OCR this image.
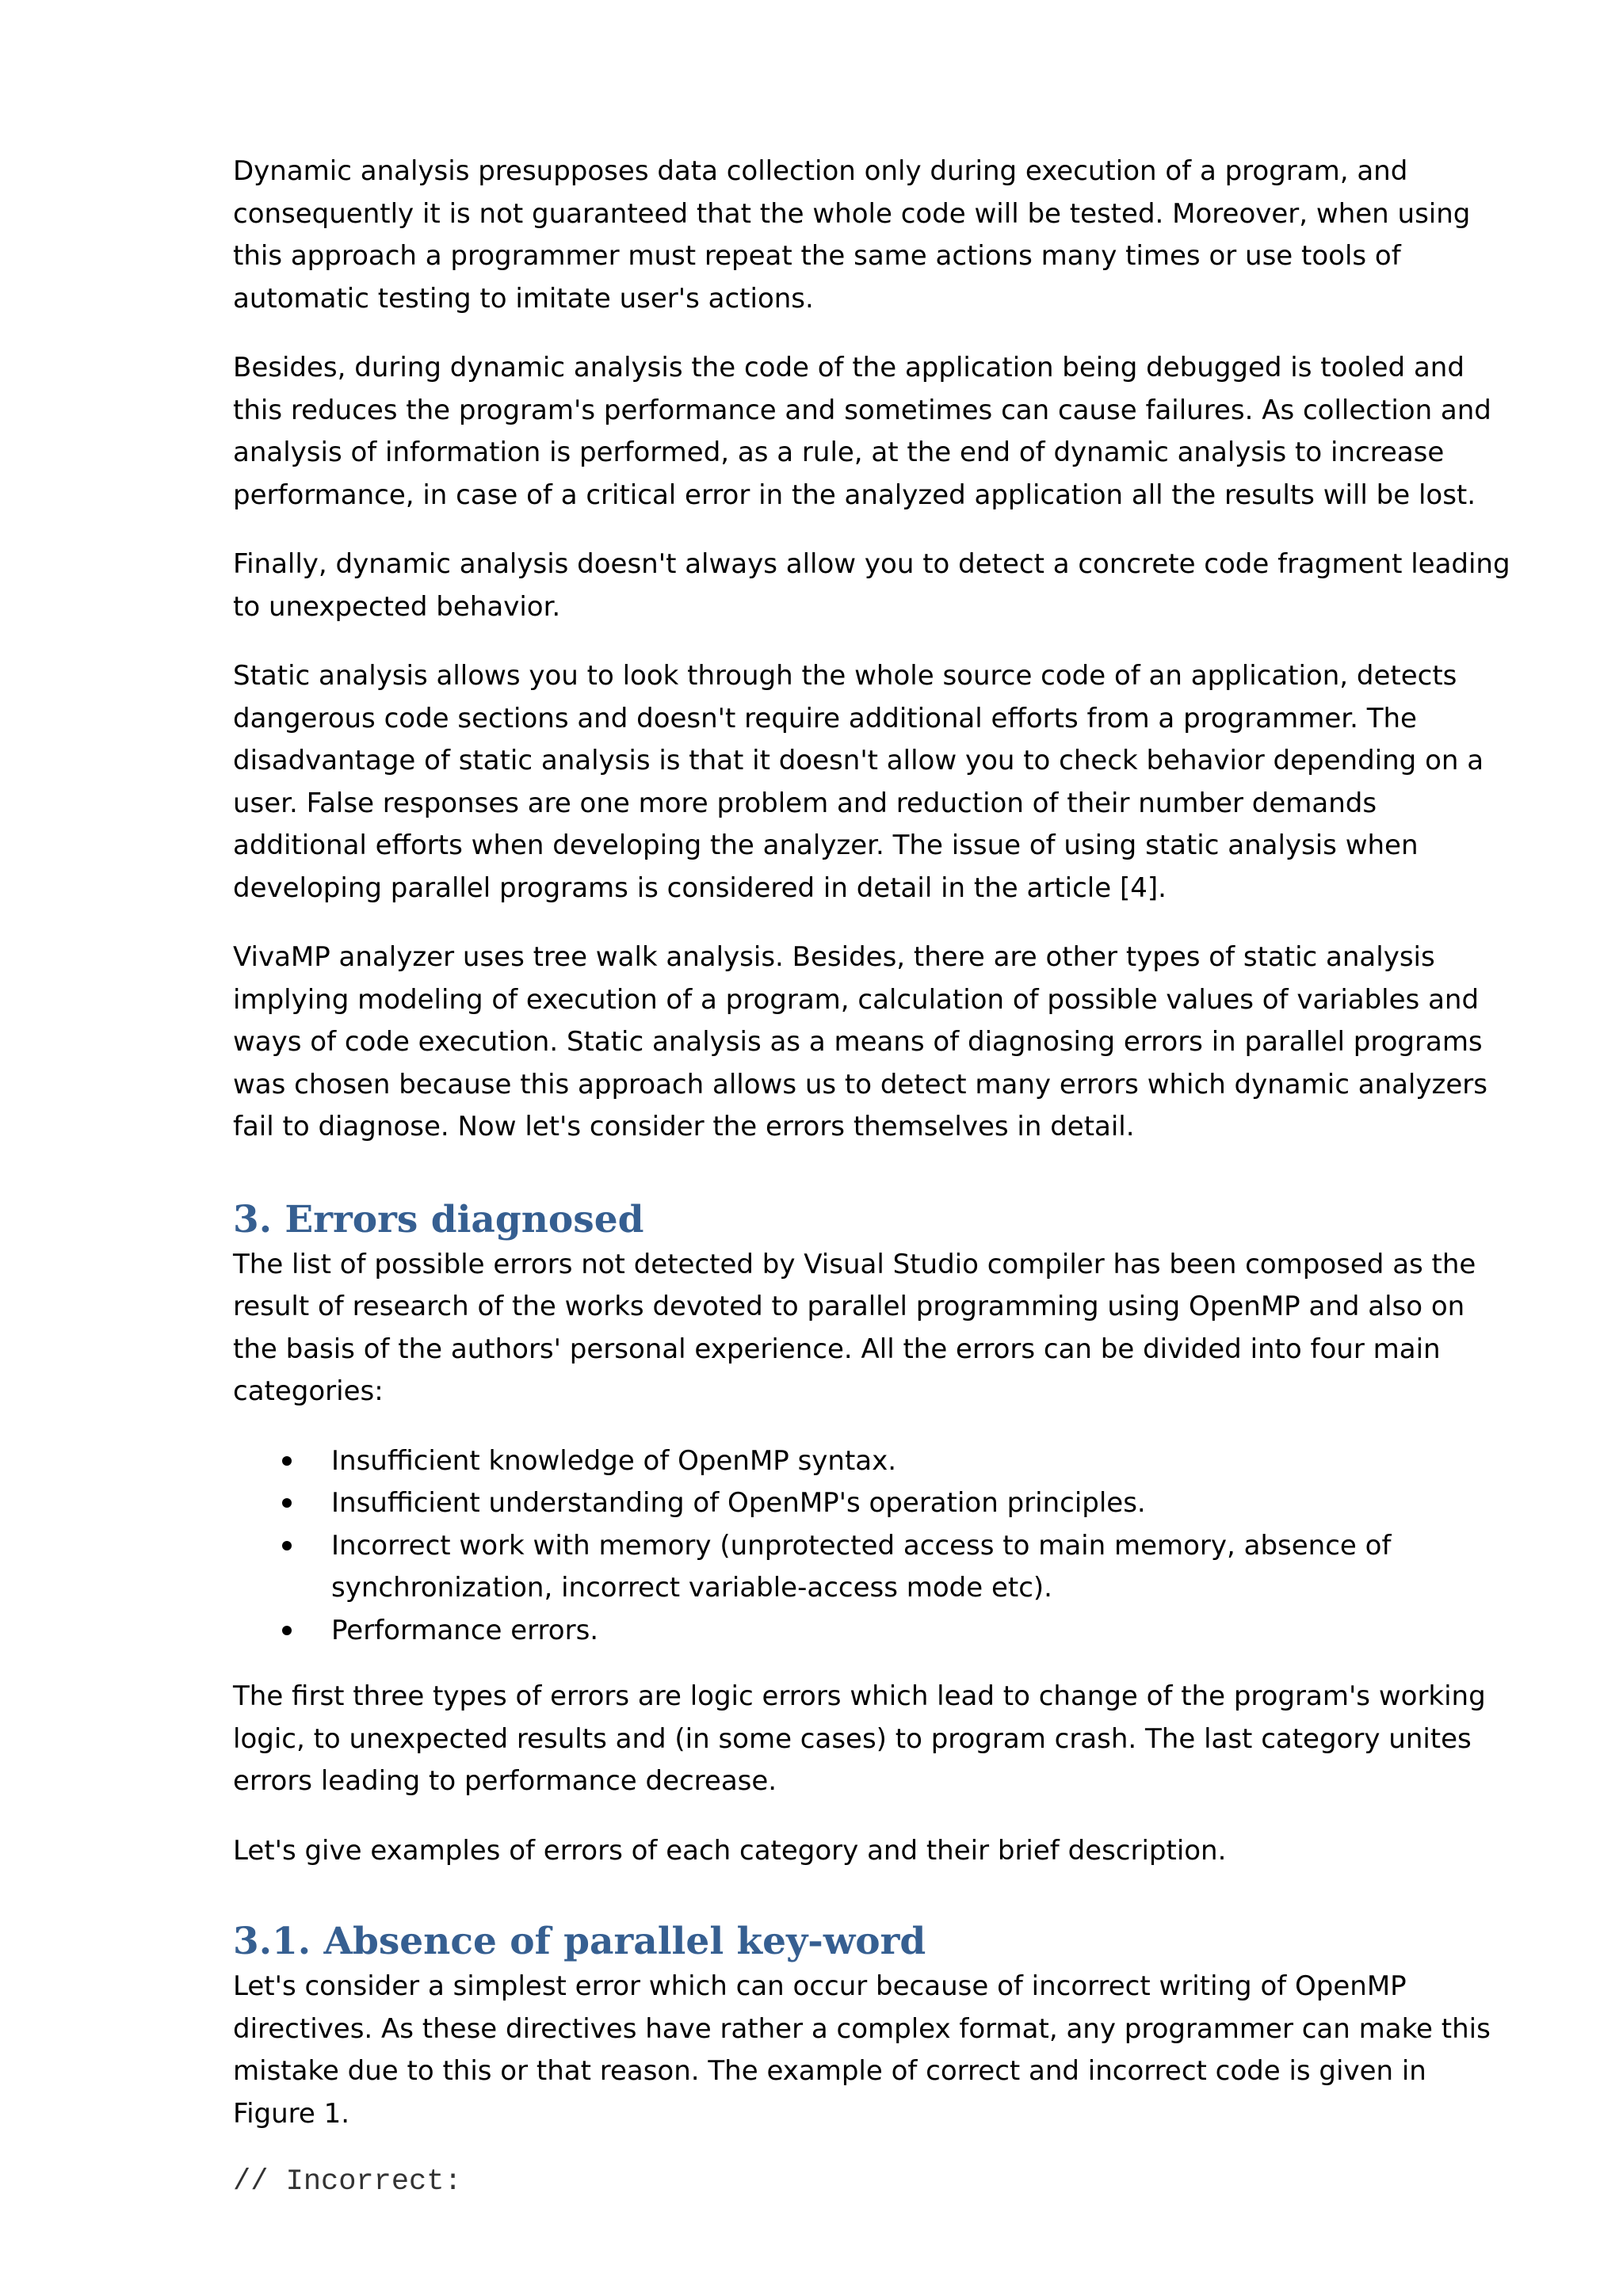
Dynamic analysis presupposes data collection only during execution of a program, and consequently it is not guaranteed that the whole code will be tested. Moreover, when using this approach a programmer must repeat the same actions many times or use tools of automatic testing to imitate user's actions.

Besides, during dynamic analysis the code of the application being debugged is tooled and this reduces the program's performance and sometimes can cause failures. As collection and analysis of information is performed, as a rule, at the end of dynamic analysis to increase performance, in case of a critical error in the analyzed application all the results will be lost.

Finally, dynamic analysis doesn't always allow you to detect a concrete code fragment leading to unexpected behavior.

Static analysis allows you to look through the whole source code of an application, detects dangerous code sections and doesn't require additional efforts from a programmer. The disadvantage of static analysis is that it doesn't allow you to check behavior depending on a user. False responses are one more problem and reduction of their number demands additional efforts when developing the analyzer. The issue of using static analysis when developing parallel programs is considered in detail in the article [4].

VivaMP analyzer uses tree walk analysis. Besides, there are other types of static analysis implying modeling of execution of a program, calculation of possible values of variables and ways of code execution. Static analysis as a means of diagnosing errors in parallel programs was chosen because this approach allows us to detect many errors which dynamic analyzers fail to diagnose. Now let's consider the errors themselves in detail.

3. Errors diagnosed

The list of possible errors not detected by Visual Studio compiler has been composed as the result of research of the works devoted to parallel programming using OpenMP and also on the basis of the authors' personal experience. All the errors can be divided into four main categories:

Insufficient knowledge of OpenMP syntax.
Insufficient understanding of OpenMP's operation principles.
Incorrect work with memory (unprotected access to main memory, absence of synchronization, incorrect variable-access mode etc).
Performance errors.

The first three types of errors are logic errors which lead to change of the program's working logic, to unexpected results and (in some cases) to program crash. The last category unites errors leading to performance decrease.

Let's give examples of errors of each category and their brief description.

3.1. Absence of parallel key-word

Let's consider a simplest error which can occur because of incorrect writing of OpenMP directives. As these directives have rather a complex format, any programmer can make this mistake due to this or that reason. The example of correct and incorrect code is given in Figure 1.

// Incorrect:
